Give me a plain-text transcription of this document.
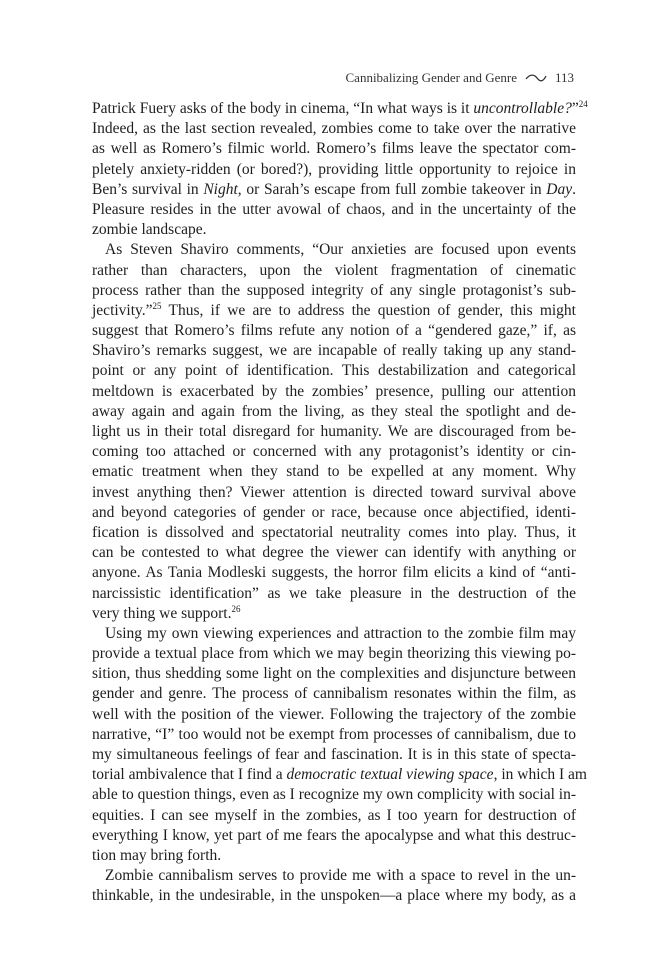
Cannibalizing Gender and Genre	113
Patrick Fuery asks of the body in cinema, “In what ways is it uncontrollable?”$^{24}$
Indeed, as the last section revealed, zombies come to take over the narrative
as well as Romero’s filmic world. Romero’s films leave the spectator com-
pletely anxiety-ridden (or bored?), providing little opportunity to rejoice in
Ben’s survival in Night, or Sarah’s escape from full zombie takeover in Day.
Pleasure resides in the utter avowal of chaos, and in the uncertainty of the
zombie landscape.
As Steven Shaviro comments, “Our anxieties are focused upon events
rather than characters, upon the violent fragmentation of cinematic
process rather than the supposed integrity of any single protagonist’s sub-
jectivity.”$^{25}$ Thus, if we are to address the question of gender, this might
suggest that Romero’s films refute any notion of a “gendered gaze,” if, as
Shaviro’s remarks suggest, we are incapable of really taking up any stand-
point or any point of identification. This destabilization and categorical
meltdown is exacerbated by the zombies’ presence, pulling our attention
away again and again from the living, as they steal the spotlight and de-
light us in their total disregard for humanity. We are discouraged from be-
coming too attached or concerned with any protagonist’s identity or cin-
ematic treatment when they stand to be expelled at any moment. Why
invest anything then? Viewer attention is directed toward survival above
and beyond categories of gender or race, because once abjectified, identi-
fication is dissolved and spectatorial neutrality comes into play. Thus, it
can be contested to what degree the viewer can identify with anything or
anyone. As Tania Modleski suggests, the horror film elicits a kind of “anti-
narcissistic identification” as we take pleasure in the destruction of the
very thing we support.$^{26}$
Using my own viewing experiences and attraction to the zombie film may
provide a textual place from which we may begin theorizing this viewing po-
sition, thus shedding some light on the complexities and disjuncture between
gender and genre. The process of cannibalism resonates within the film, as
well with the position of the viewer. Following the trajectory of the zombie
narrative, “I” too would not be exempt from processes of cannibalism, due to
my simultaneous feelings of fear and fascination. It is in this state of specta-
torial ambivalence that I find a democratic textual viewing space, in which I am
able to question things, even as I recognize my own complicity with social in-
equities. I can see myself in the zombies, as I too yearn for destruction of
everything I know, yet part of me fears the apocalypse and what this destruc-
tion may bring forth.
Zombie cannibalism serves to provide me with a space to revel in the un-
thinkable, in the undesirable, in the unspoken—a place where my body, as a
